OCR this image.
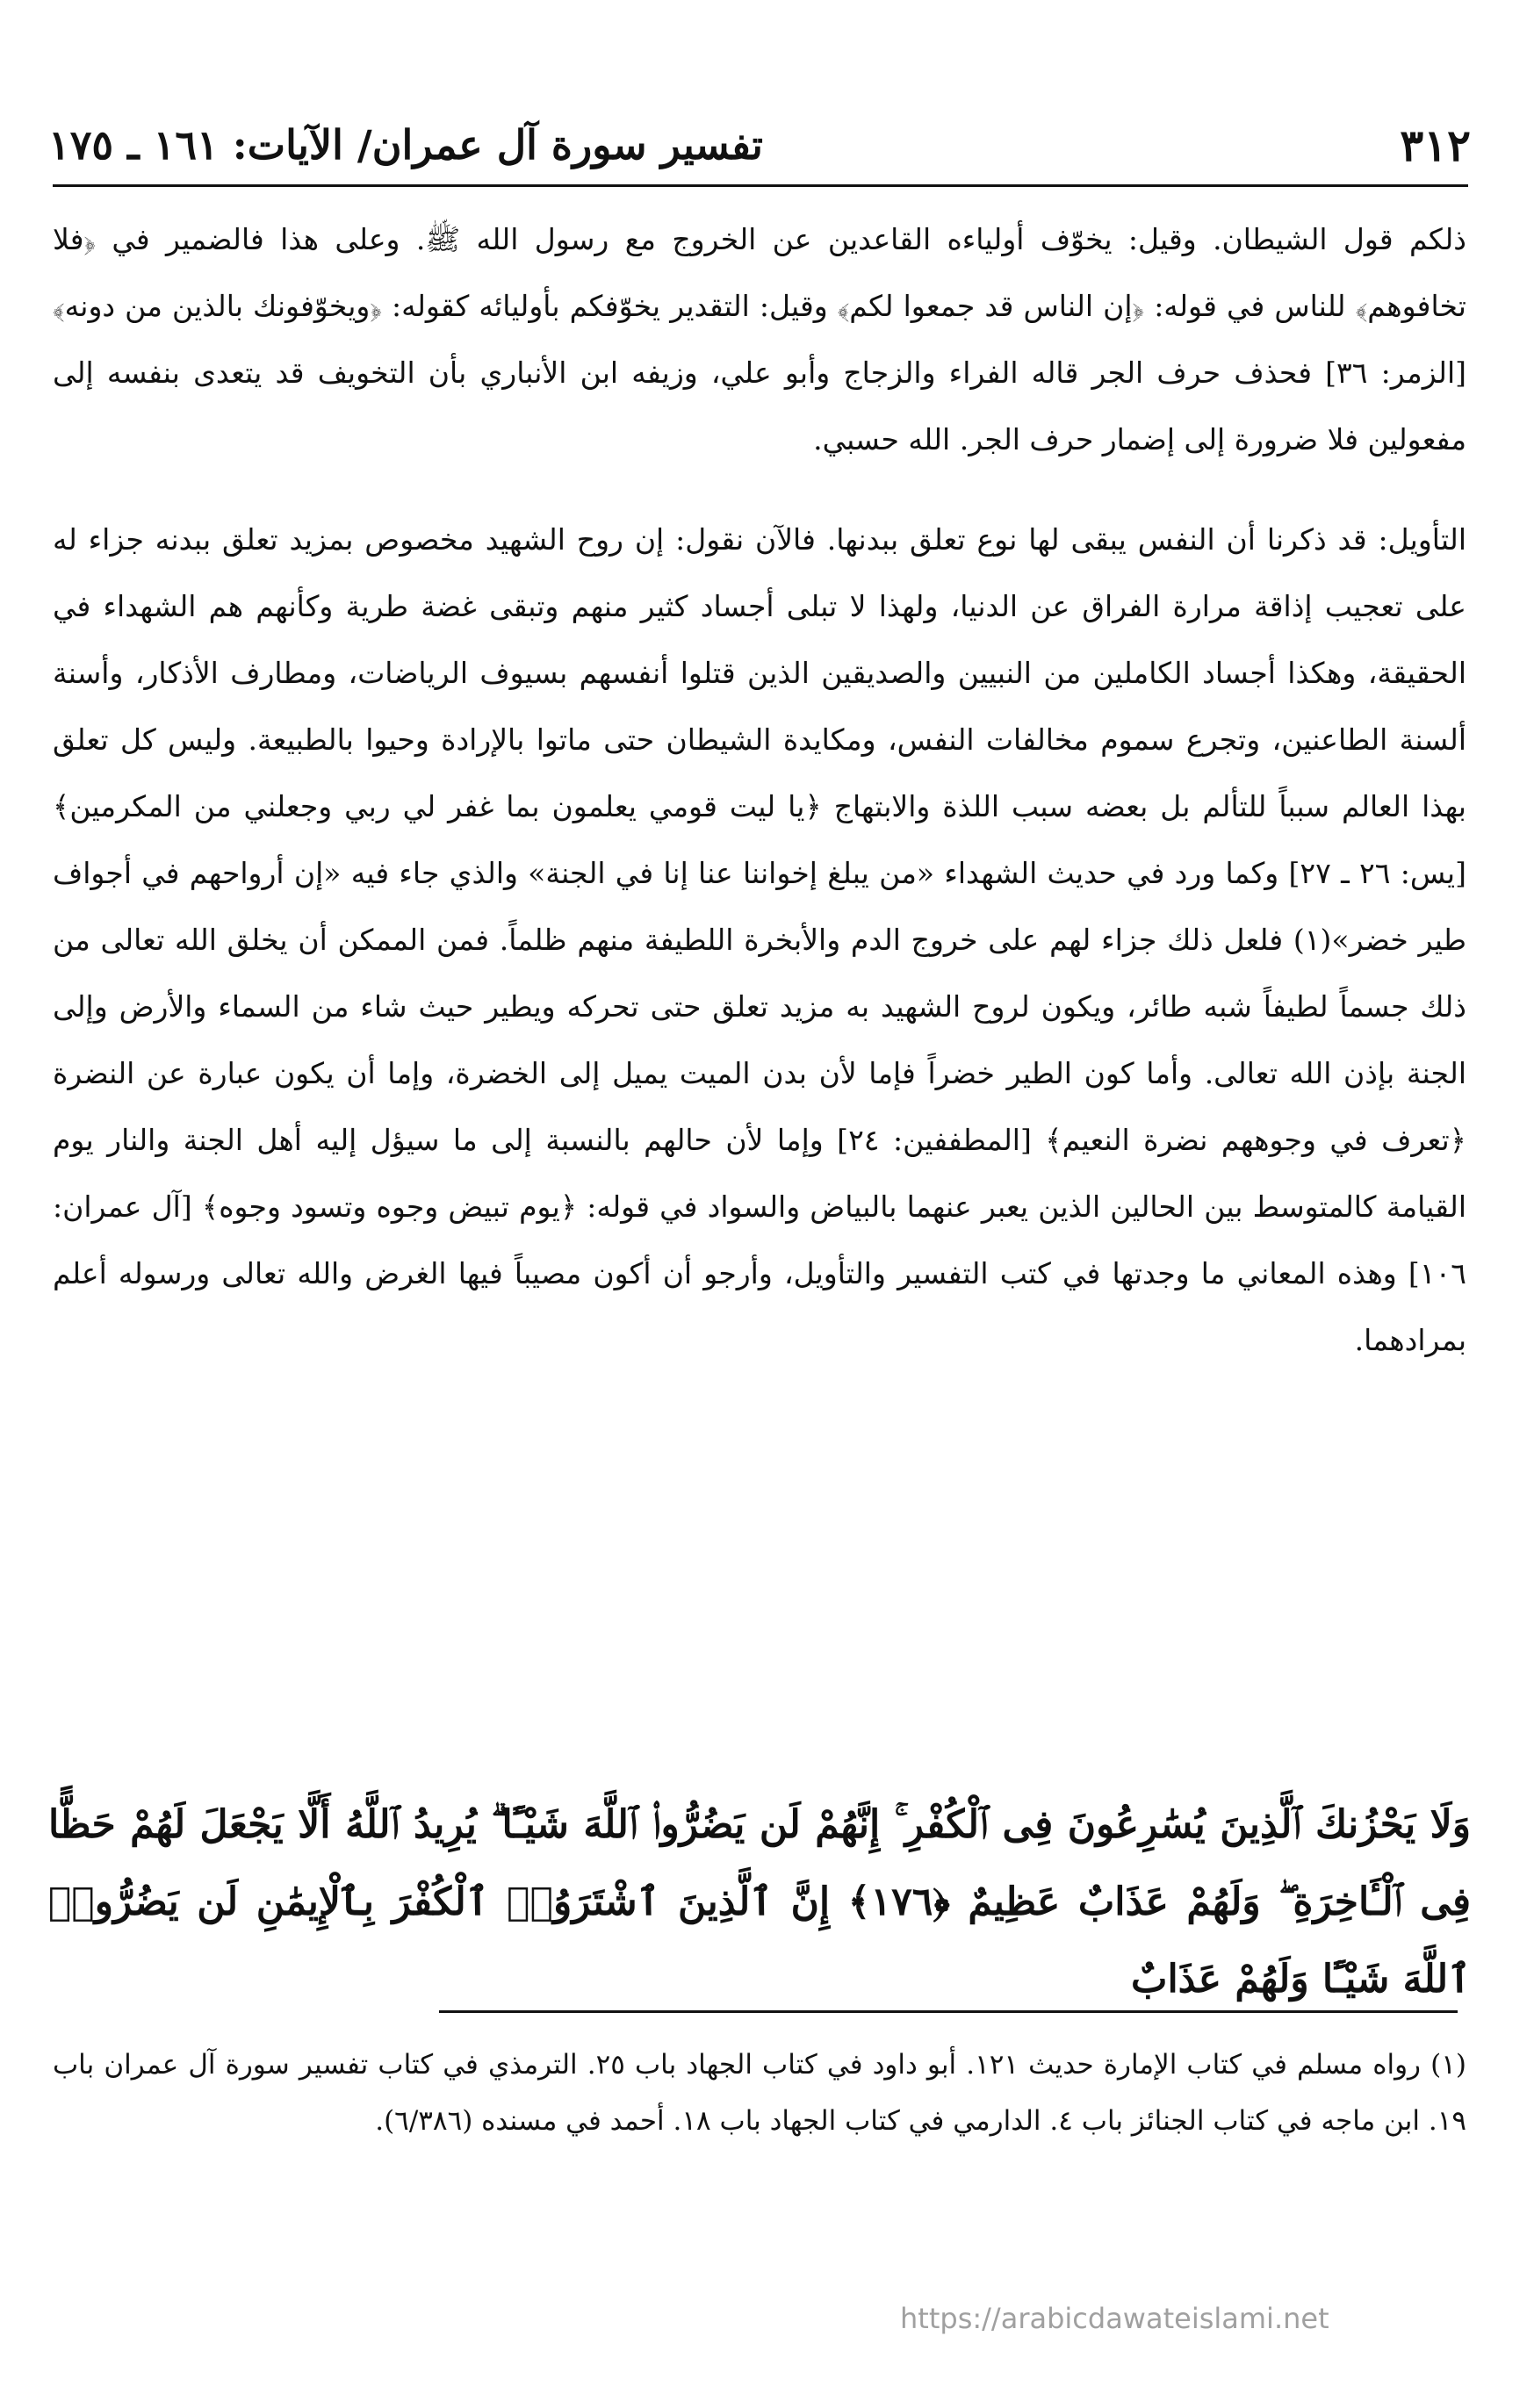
٣١٢
تفسير سورة آل عمران/ الآيات: ١٦١ ـ ١٧٥

ذلكم قول الشيطان. وقيل: يخوّف أولياءه القاعدين عن الخروج مع رسول الله ﷺ. وعلى هذا فالضمير في ﴿فلا تخافوهم﴾ للناس في قوله: ﴿إن الناس قد جمعوا لكم﴾ وقيل: التقدير يخوّفكم بأوليائه كقوله: ﴿ويخوّفونك بالذين من دونه﴾ [الزمر: ٣٦] فحذف حرف الجر قاله الفراء والزجاج وأبو علي، وزيفه ابن الأنباري بأن التخويف قد يتعدى بنفسه إلى مفعولين فلا ضرورة إلى إضمار حرف الجر. الله حسبي.

التأويل: قد ذكرنا أن النفس يبقى لها نوع تعلق ببدنها. فالآن نقول: إن روح الشهيد مخصوص بمزيد تعلق ببدنه جزاء له على تعجيب إذاقة مرارة الفراق عن الدنيا، ولهذا لا تبلى أجساد كثير منهم وتبقى غضة طرية وكأنهم هم الشهداء في الحقيقة، وهكذا أجساد الكاملين من النبيين والصديقين الذين قتلوا أنفسهم بسيوف الرياضات، ومطارف الأذكار، وأسنة ألسنة الطاعنين، وتجرع سموم مخالفات النفس، ومكايدة الشيطان حتى ماتوا بالإرادة وحيوا بالطبيعة. وليس كل تعلق بهذا العالم سبباً للتألم بل بعضه سبب اللذة والابتهاج ﴿يا ليت قومي يعلمون بما غفر لي ربي وجعلني من المكرمين﴾ [يس: ٢٦ ـ ٢٧] وكما ورد في حديث الشهداء «من يبلغ إخواننا عنا إنا في الجنة» والذي جاء فيه «إن أرواحهم في أجواف طير خضر»(١) فلعل ذلك جزاء لهم على خروج الدم والأبخرة اللطيفة منهم ظلماً. فمن الممكن أن يخلق الله تعالى من ذلك جسماً لطيفاً شبه طائر، ويكون لروح الشهيد به مزيد تعلق حتى تحركه ويطير حيث شاء من السماء والأرض وإلى الجنة بإذن الله تعالى. وأما كون الطير خضراً فإما لأن بدن الميت يميل إلى الخضرة، وإما أن يكون عبارة عن النضرة ﴿تعرف في وجوههم نضرة النعيم﴾ [المطففين: ٢٤] وإما لأن حالهم بالنسبة إلى ما سيؤل إليه أهل الجنة والنار يوم القيامة كالمتوسط بين الحالين الذين يعبر عنهما بالبياض والسواد في قوله: ﴿يوم تبيض وجوه وتسود وجوه﴾ [آل عمران: ١٠٦] وهذه المعاني ما وجدتها في كتب التفسير والتأويل، وأرجو أن أكون مصيباً فيها الغرض والله تعالى ورسوله أعلم بمرادهما.

وَلَا يَحْزُنكَ ٱلَّذِينَ يُسَٰرِعُونَ فِى ٱلْكُفْرِ ۚ إِنَّهُمْ لَن يَضُرُّوا۟ ٱللَّهَ شَيْـًٔا ۗ يُرِيدُ ٱللَّهُ أَلَّا يَجْعَلَ لَهُمْ حَظًّا فِى ٱلْـَٔاخِرَةِ ۖ وَلَهُمْ عَذَابٌ عَظِيمٌ ﴿١٧٦﴾ إِنَّ ٱلَّذِينَ ٱشْتَرَوُا۟ ٱلْكُفْرَ بِٱلْإِيمَٰنِ لَن يَضُرُّوا۟ ٱللَّهَ شَيْـًٔا وَلَهُمْ عَذَابٌ
(١) رواه مسلم في كتاب الإمارة حديث ١٢١. أبو داود في كتاب الجهاد باب ٢٥. الترمذي في كتاب تفسير سورة آل عمران باب ١٩. ابن ماجه في كتاب الجنائز باب ٤. الدارمي في كتاب الجهاد باب ١٨. أحمد في مسنده (٦/٣٨٦).
https://arabicdawateislami.net
